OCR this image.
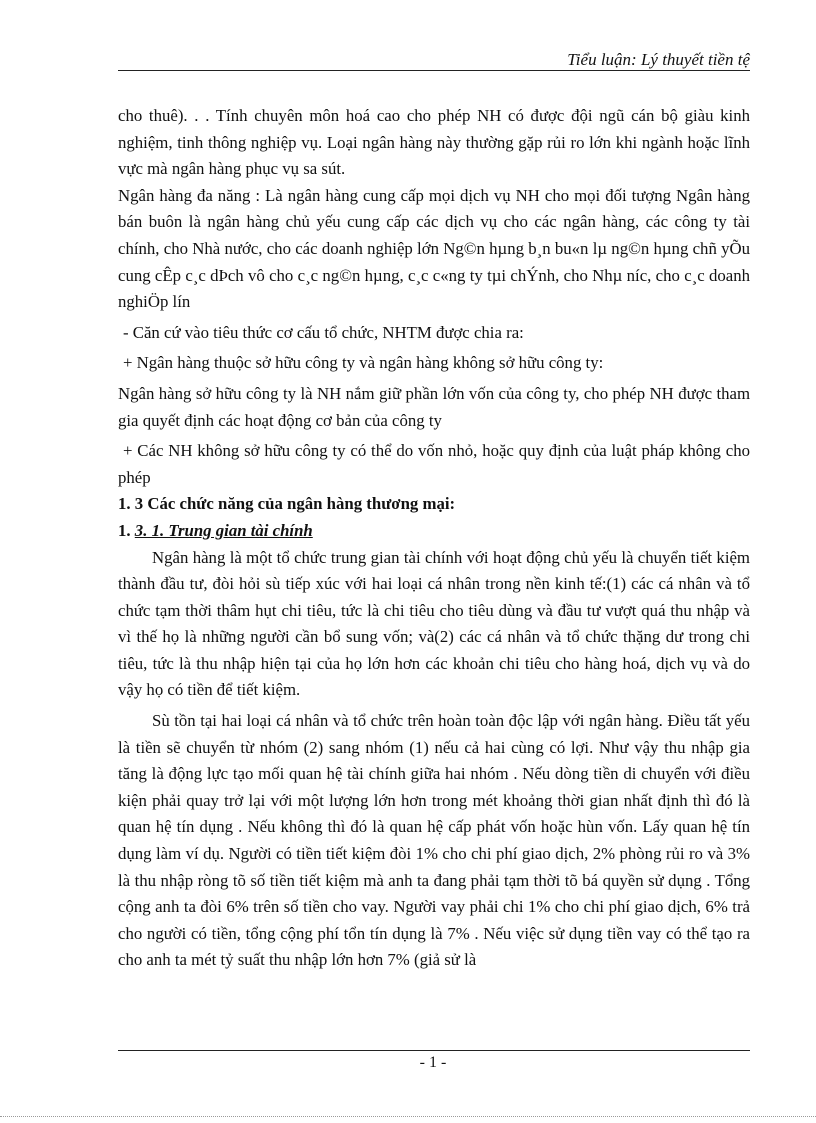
Tiểu luận: Lý thuyết tiền tệ

cho thuê). . . Tính chuyên môn hoá cao cho phép NH có được đội ngũ cán bộ giàu kinh nghiệm, tinh thông nghiệp vụ. Loại ngân hàng này thường gặp rủi ro lớn khi ngành hoặc lĩnh vực mà ngân hàng phục vụ sa sút.

Ngân hàng đa năng : Là ngân hàng cung cấp mọi dịch vụ NH cho mọi đối tượng Ngân hàng bán buôn là ngân hàng chủ yếu cung cấp các dịch vụ cho các ngân hàng, các công ty tài chính, cho Nhà nước, cho các doanh nghiệp lớn Ng©n hµng b¸n bu«n lµ ng©n hµng chñ yÕu cung cÊp c¸c dÞch vô cho c¸c ng©n hµng, c¸c c«ng ty tµi chÝnh, cho Nhµ níc, cho c¸c doanh nghiÖp lín

- Căn cứ vào tiêu thức cơ cấu tổ chức, NHTM được chia ra:

+ Ngân hàng thuộc sở hữu công ty và ngân hàng không sở hữu công ty:

Ngân hàng sở hữu công ty là NH nắm giữ phần lớn vốn của công ty, cho phép NH được tham gia quyết định các hoạt động cơ bản của công ty

+ Các NH không sở hữu công ty có thể do vốn nhỏ, hoặc quy định của luật pháp không cho phép

1. 3 Các chức năng của ngân hàng thương mại:

1. 3. 1. Trung gian tài chính

Ngân hàng là một tổ chức trung gian tài chính với hoạt động chủ yếu là chuyển tiết kiệm thành đầu tư, đòi hỏi sù tiếp xúc với hai loại cá nhân trong nền kinh tế:(1) các cá nhân và tổ chức tạm thời thâm hụt chi tiêu, tức là chi tiêu cho tiêu dùng và đầu tư vượt quá thu nhập và vì thế họ là những người cần bổ sung vốn; và(2) các cá nhân và tổ chức thặng dư trong chi tiêu, tức là thu nhập hiện tại của họ lớn hơn các khoản chi tiêu cho hàng hoá, dịch vụ và do vậy họ có tiền để tiết kiệm.

Sù tồn tại hai loại cá nhân và tổ chức trên hoàn toàn độc lập với ngân hàng. Điều tất yếu là tiền sẽ chuyển từ nhóm (2) sang nhóm (1) nếu cả hai cùng có lợi. Như vậy thu nhập gia tăng là động lực tạo mối quan hệ tài chính giữa hai nhóm . Nếu dòng tiền di chuyển với điều kiện phải quay trở lại với một lượng lớn hơn trong mét khoảng thời gian nhất định thì đó là quan hệ tín dụng . Nếu không thì đó là quan hệ cấp phát vốn hoặc hùn vốn. Lấy quan hệ tín dụng làm ví dụ. Người có tiền tiết kiệm đòi 1% cho chi phí giao dịch, 2% phòng rủi ro và 3% là thu nhập ròng tõ số tiền tiết kiệm mà anh ta đang phải tạm thời tõ bá quyền sử dụng . Tổng cộng anh ta đòi 6% trên số tiền cho vay. Người vay phải chi 1% cho chi phí giao dịch, 6% trả cho người có tiền, tổng cộng phí tổn tín dụng là 7% . Nếu việc sử dụng tiền vay có thể tạo ra cho anh ta mét tỷ suất thu nhập lớn hơn 7% (giả sử là

- 1 -
